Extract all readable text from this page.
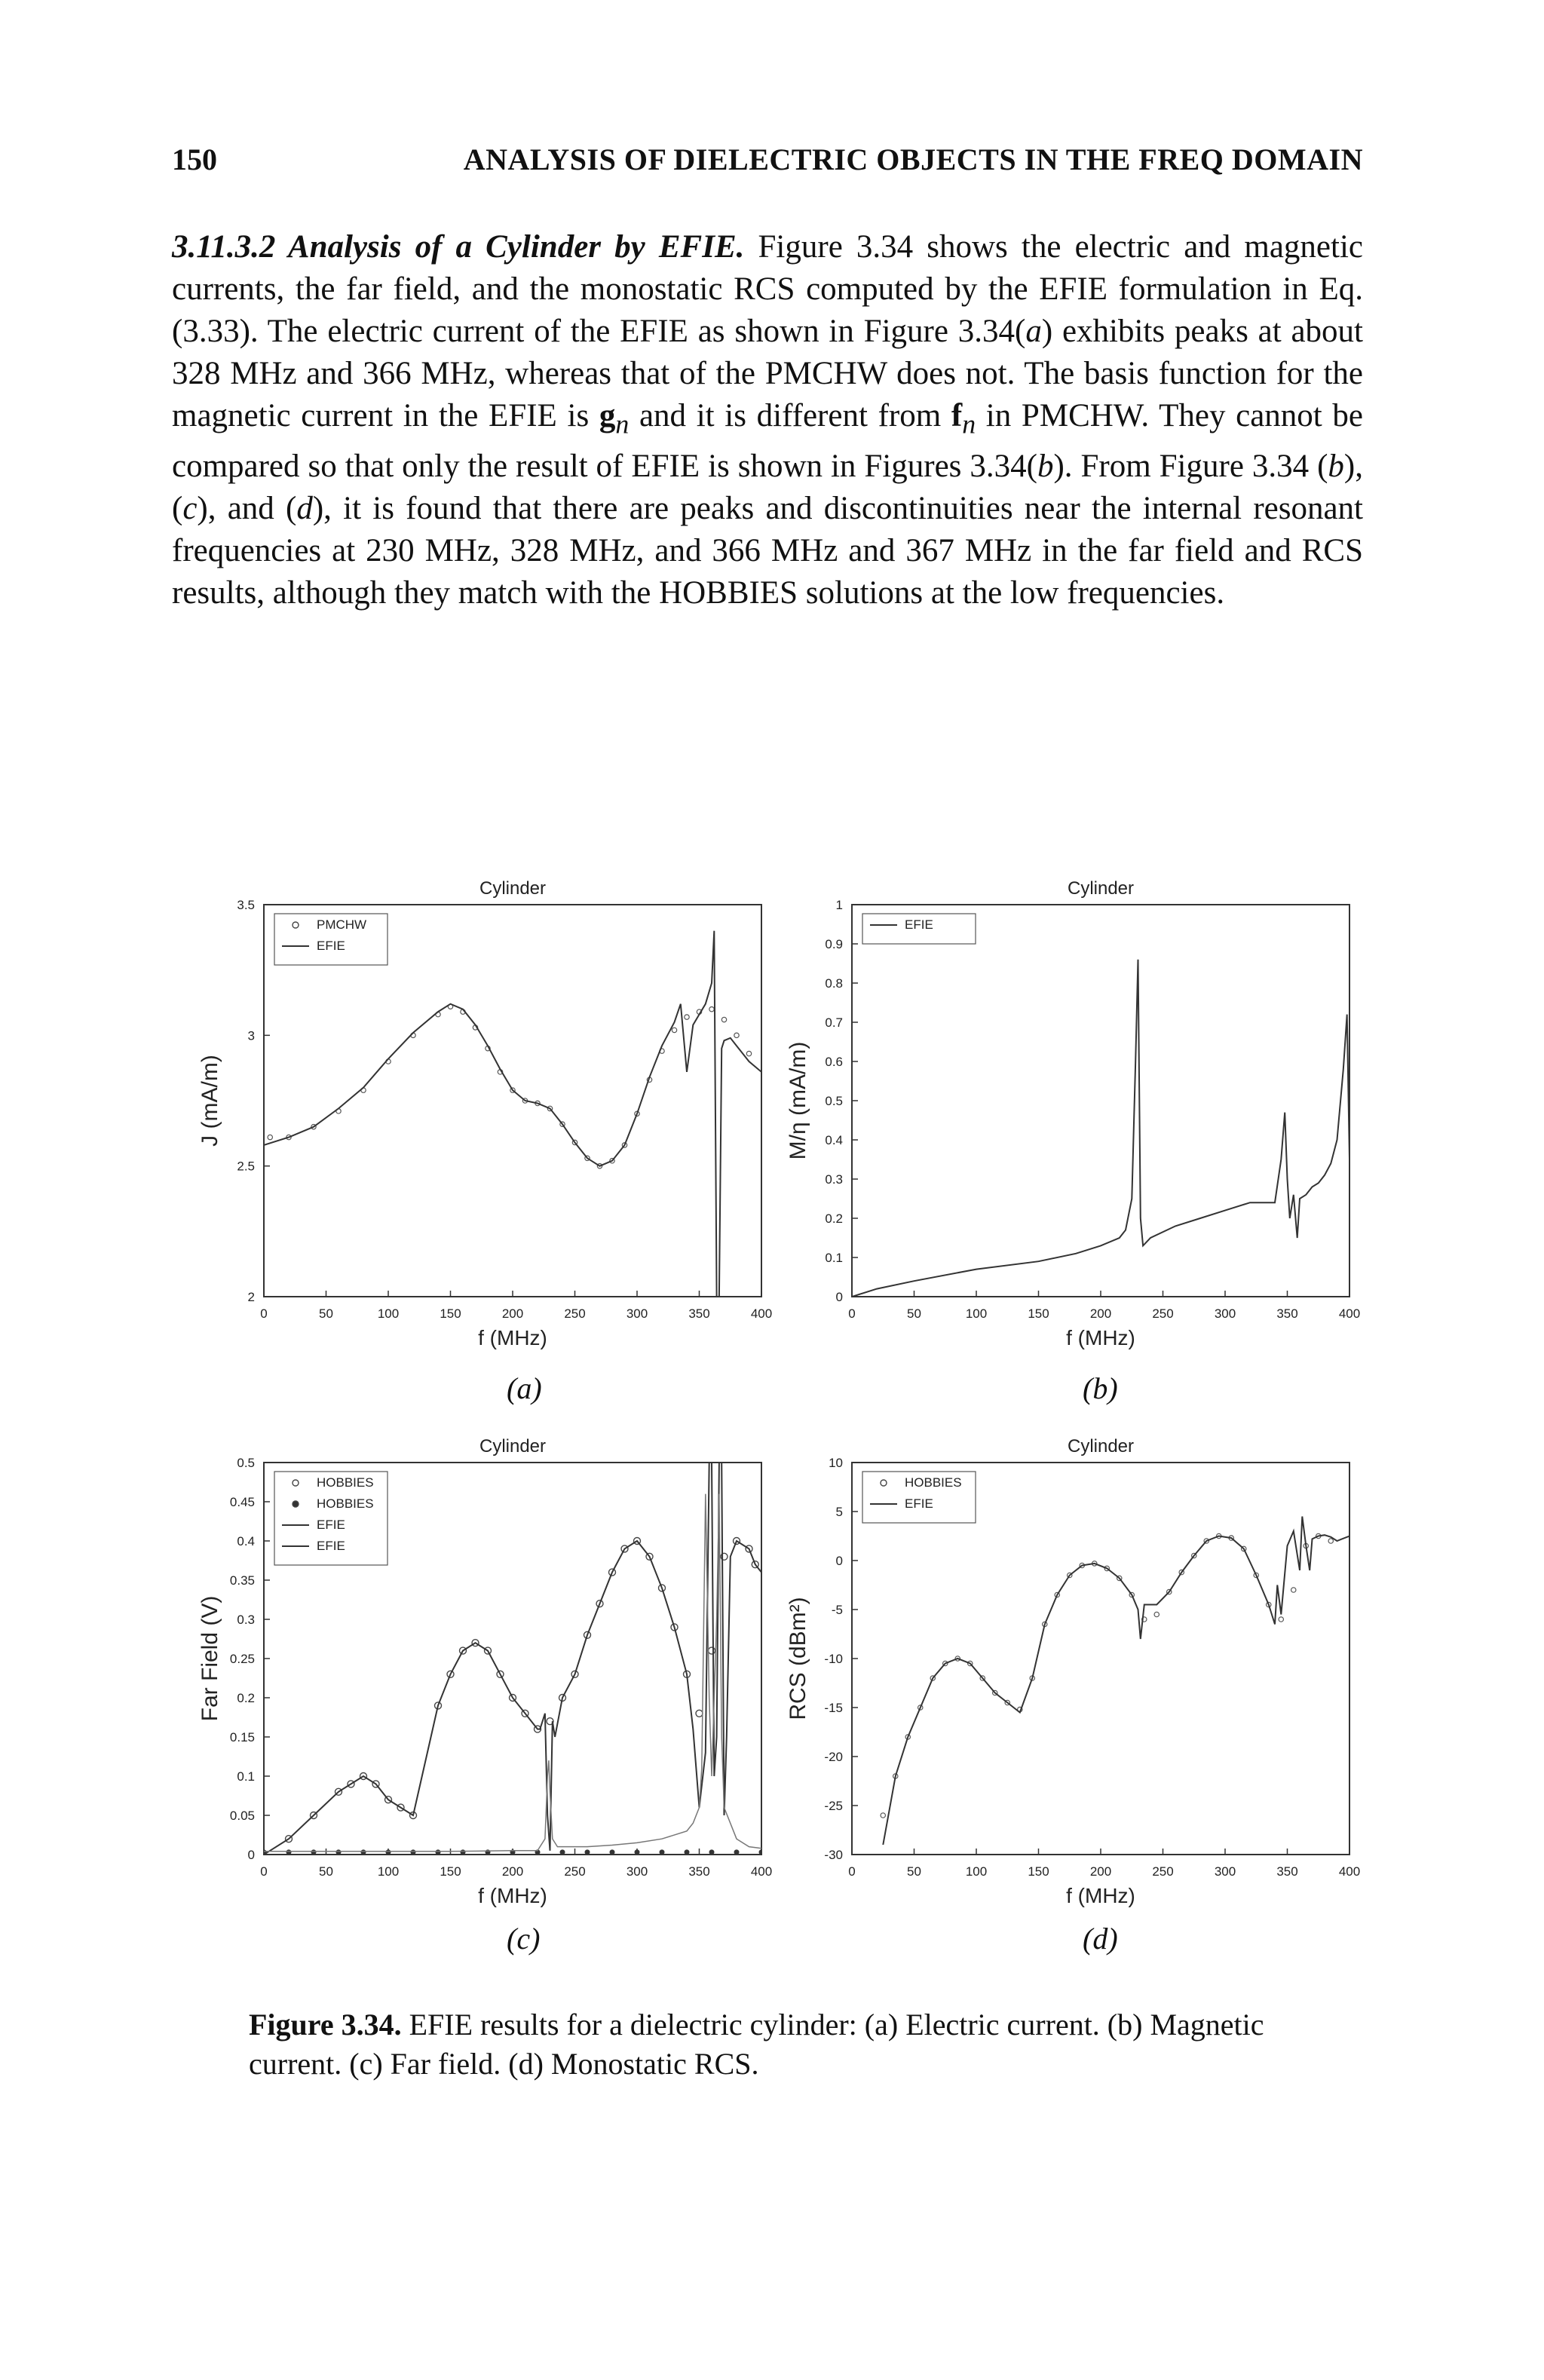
150	ANALYSIS OF DIELECTRIC OBJECTS IN THE FREQ DOMAIN
3.11.3.2 Analysis of a Cylinder by EFIE. Figure 3.34 shows the electric and magnetic currents, the far field, and the monostatic RCS computed by the EFIE formulation in Eq. (3.33). The electric current of the EFIE as shown in Figure 3.34(a) exhibits peaks at about 328 MHz and 366 MHz, whereas that of the PMCHW does not. The basis function for the magnetic current in the EFIE is $g_n$ and it is different from $f_n$ in PMCHW. They cannot be compared so that only the result of EFIE is shown in Figures 3.34(b). From Figure 3.34 (b), (c), and (d), it is found that there are peaks and discontinuities near the internal resonant frequencies at 230 MHz, 328 MHz, and 366 MHz and 367 MHz in the far field and RCS results, although they match with the HOBBIES solutions at the low frequencies.
Cylinder
0	50	100	150	200	250	300	350	400
2
2.5
3
3.5
f (MHz)
J (mA/m)
PMCHW
EFIE
Cylinder
0	50	100	150	200	250	300	350	400
0
0.1
0.2
0.3
0.4
0.5
0.6
0.7
0.8
0.9
1
f (MHz)
M/η (mA/m)
EFIE
Cylinder
0	50	100	150	200	250	300	350	400
0
0.05
0.1
0.15
0.2
0.25
0.3
0.35
0.4
0.45
0.5
f (MHz)
Far Field (V)
HOBBIES
HOBBIES
EFIE
EFIE
Cylinder
0	50	100	150	200	250	300	350	400
-30
-25
-20
-15
-10
-5
0
5
10
f (MHz)
RCS (dBm²)
HOBBIES
EFIE
(a)	(b)
(c)	(d)
Figure 3.34. EFIE results for a dielectric cylinder: (a) Electric current. (b) Magnetic current. (c) Far field. (d) Monostatic RCS.
